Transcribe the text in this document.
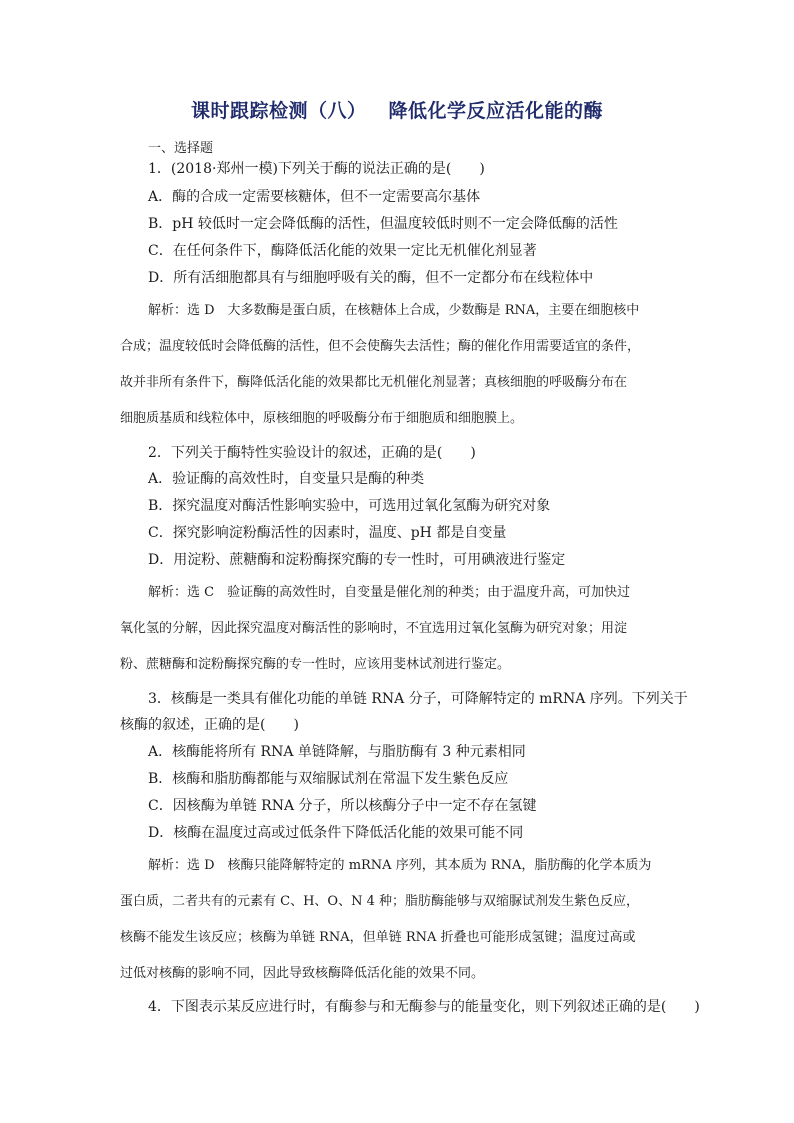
课时跟踪检测（八） 降低化学反应活化能的酶
一、选择题
1．(2018·郑州一模)下列关于酶的说法正确的是(　　)
A．酶的合成一定需要核糖体，但不一定需要高尔基体
B．pH 较低时一定会降低酶的活性，但温度较低时则不一定会降低酶的活性
C．在任何条件下，酶降低活化能的效果一定比无机催化剂显著
D．所有活细胞都具有与细胞呼吸有关的酶，但不一定都分布在线粒体中
解析：选 D　大多数酶是蛋白质，在核糖体上合成，少数酶是 RNA，主要在细胞核中
合成；温度较低时会降低酶的活性，但不会使酶失去活性；酶的催化作用需要适宜的条件，
故并非所有条件下，酶降低活化能的效果都比无机催化剂显著；真核细胞的呼吸酶分布在
细胞质基质和线粒体中，原核细胞的呼吸酶分布于细胞质和细胞膜上。
2．下列关于酶特性实验设计的叙述，正确的是(　　)
A．验证酶的高效性时，自变量只是酶的种类
B．探究温度对酶活性影响实验中，可选用过氧化氢酶为研究对象
C．探究影响淀粉酶活性的因素时，温度、pH 都是自变量
D．用淀粉、蔗糖酶和淀粉酶探究酶的专一性时，可用碘液进行鉴定
解析：选 C　验证酶的高效性时，自变量是催化剂的种类；由于温度升高，可加快过
氧化氢的分解，因此探究温度对酶活性的影响时，不宜选用过氧化氢酶为研究对象；用淀
粉、蔗糖酶和淀粉酶探究酶的专一性时，应该用斐林试剂进行鉴定。
3．核酶是一类具有催化功能的单链 RNA 分子，可降解特定的 mRNA 序列。下列关于
核酶的叙述，正确的是(　　)
A．核酶能将所有 RNA 单链降解，与脂肪酶有 3 种元素相同
B．核酶和脂肪酶都能与双缩脲试剂在常温下发生紫色反应
C．因核酶为单链 RNA 分子，所以核酶分子中一定不存在氢键
D．核酶在温度过高或过低条件下降低活化能的效果可能不同
解析：选 D　核酶只能降解特定的 mRNA 序列，其本质为 RNA，脂肪酶的化学本质为
蛋白质，二者共有的元素有 C、H、O、N 4 种；脂肪酶能够与双缩脲试剂发生紫色反应，
核酶不能发生该反应；核酶为单链 RNA，但单链 RNA 折叠也可能形成氢键；温度过高或
过低对核酶的影响不同，因此导致核酶降低活化能的效果不同。
4．下图表示某反应进行时，有酶参与和无酶参与的能量变化，则下列叙述正确的是(　　)
